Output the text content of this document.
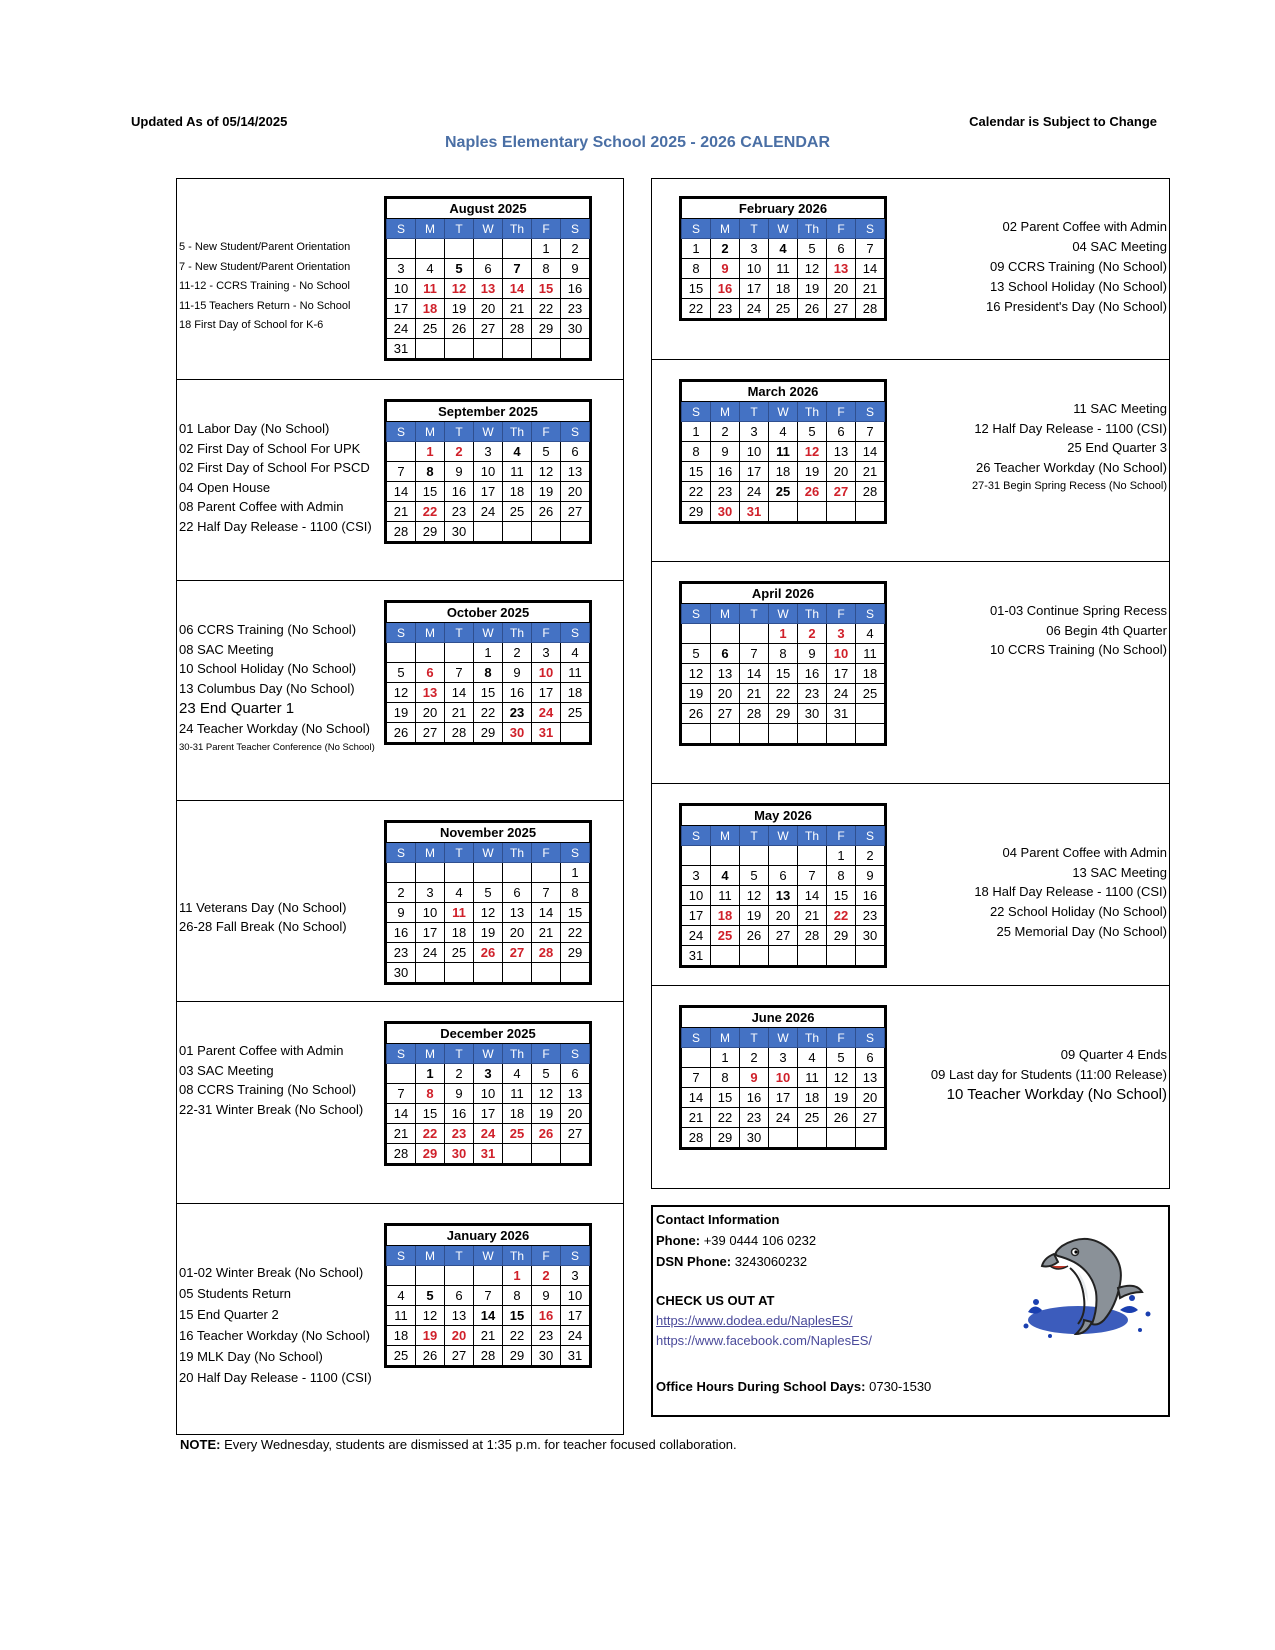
Updated As of 05/14/2025	Calendar is Subject to Change
Naples Elementary School 2025 - 2026 CALENDAR
August 2025						
S	M	T	W	Th	F	S
					1	2
3	4	5	6	7	8	9
10	11	12	13	14	15	16
17	18	19	20	21	22	23
24	25	26	27	28	29	30
31						
5 - New Student/Parent Orientation
7 - New Student/Parent Orientation
11-12 - CCRS Training - No School
11-15 Teachers Return - No School
18 First Day of School for K-6
September 2025						
S	M	T	W	Th	F	S
	1	2	3	4	5	6
7	8	9	10	11	12	13
14	15	16	17	18	19	20
21	22	23	24	25	26	27
28	29	30				
01 Labor Day (No School)
02 First Day of School For UPK
02 First Day of School For PSCD
04 Open House
08 Parent Coffee with Admin
22 Half Day Release - 1100 (CSI)
October 2025						
S	M	T	W	Th	F	S
			1	2	3	4
5	6	7	8	9	10	11
12	13	14	15	16	17	18
19	20	21	22	23	24	25
26	27	28	29	30	31	
06 CCRS Training (No School)
08 SAC Meeting
10 School Holiday (No School)
13 Columbus Day (No School)
23 End Quarter 1
24 Teacher Workday (No School)
30-31 Parent Teacher Conference (No School)
November 2025						
S	M	T	W	Th	F	S
						1
2	3	4	5	6	7	8
9	10	11	12	13	14	15
16	17	18	19	20	21	22
23	24	25	26	27	28	29
30						
11 Veterans Day (No School)
26-28 Fall Break (No School)
December 2025						
S	M	T	W	Th	F	S
	1	2	3	4	5	6
7	8	9	10	11	12	13
14	15	16	17	18	19	20
21	22	23	24	25	26	27
28	29	30	31			
01 Parent Coffee with Admin
03 SAC Meeting
08 CCRS Training (No School)
22-31 Winter Break (No School)
January 2026						
S	M	T	W	Th	F	S
				1	2	3
4	5	6	7	8	9	10
11	12	13	14	15	16	17
18	19	20	21	22	23	24
25	26	27	28	29	30	31
01-02 Winter Break (No School)
05 Students Return
15 End Quarter 2
16 Teacher Workday (No School)
19 MLK Day (No School)
20 Half Day Release - 1100 (CSI)
February 2026						
S	M	T	W	Th	F	S
1	2	3	4	5	6	7
8	9	10	11	12	13	14
15	16	17	18	19	20	21
22	23	24	25	26	27	28
02 Parent Coffee with Admin
04 SAC Meeting
09 CCRS Training (No School)
13 School Holiday (No School)
16 President's Day (No School)
March 2026						
S	M	T	W	Th	F	S
1	2	3	4	5	6	7
8	9	10	11	12	13	14
15	16	17	18	19	20	21
22	23	24	25	26	27	28
29	30	31				
11 SAC Meeting
12 Half Day Release - 1100 (CSI)
25 End Quarter 3
26 Teacher Workday (No School)
27-31 Begin Spring Recess (No School)
April 2026						
S	M	T	W	Th	F	S
			1	2	3	4
5	6	7	8	9	10	11
12	13	14	15	16	17	18
19	20	21	22	23	24	25
26	27	28	29	30	31	

01-03 Continue Spring Recess
06 Begin 4th Quarter
10 CCRS Training (No School)
May 2026						
S	M	T	W	Th	F	S
					1	2
3	4	5	6	7	8	9
10	11	12	13	14	15	16
17	18	19	20	21	22	23
24	25	26	27	28	29	30
31						
04 Parent Coffee with Admin
13 SAC Meeting
18 Half Day Release - 1100 (CSI)
22 School Holiday (No School)
25 Memorial Day (No School)
June 2026						
S	M	T	W	Th	F	S
	1	2	3	4	5	6
7	8	9	10	11	12	13
14	15	16	17	18	19	20
21	22	23	24	25	26	27
28	29	30				
09 Quarter 4 Ends
09 Last day for Students (11:00 Release)
10 Teacher Workday (No School)
Contact Information
Phone: +39 0444 106 0232
DSN Phone: 3243060232
CHECK US OUT AT
https://www.dodea.edu/NaplesES/
https://www.facebook.com/NaplesES/
Office Hours During School Days: 0730-1530
NOTE: Every Wednesday, students are dismissed at 1:35 p.m. for teacher focused collaboration.
